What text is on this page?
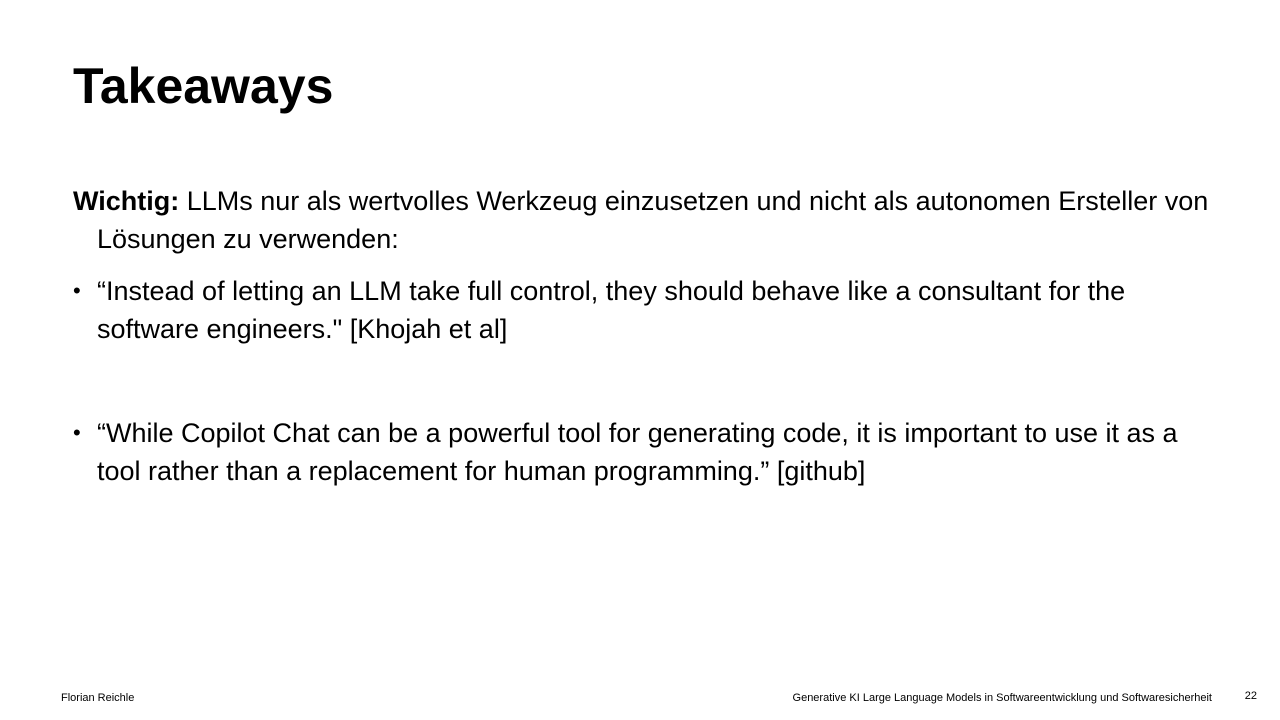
Takeaways

Wichtig: LLMs nur als wertvolles Werkzeug einzusetzen und nicht als autonomen Ersteller von Lösungen zu verwenden:

• “Instead of letting an LLM take full control, they should behave like a consultant for the software engineers." [Khojah et al]
• “While Copilot Chat can be a powerful tool for generating code, it is important to use it as a tool rather than a replacement for human programming.” [github]
Florian Reichle	Generative KI Large Language Models in Softwareentwicklung und Softwaresicherheit	22
